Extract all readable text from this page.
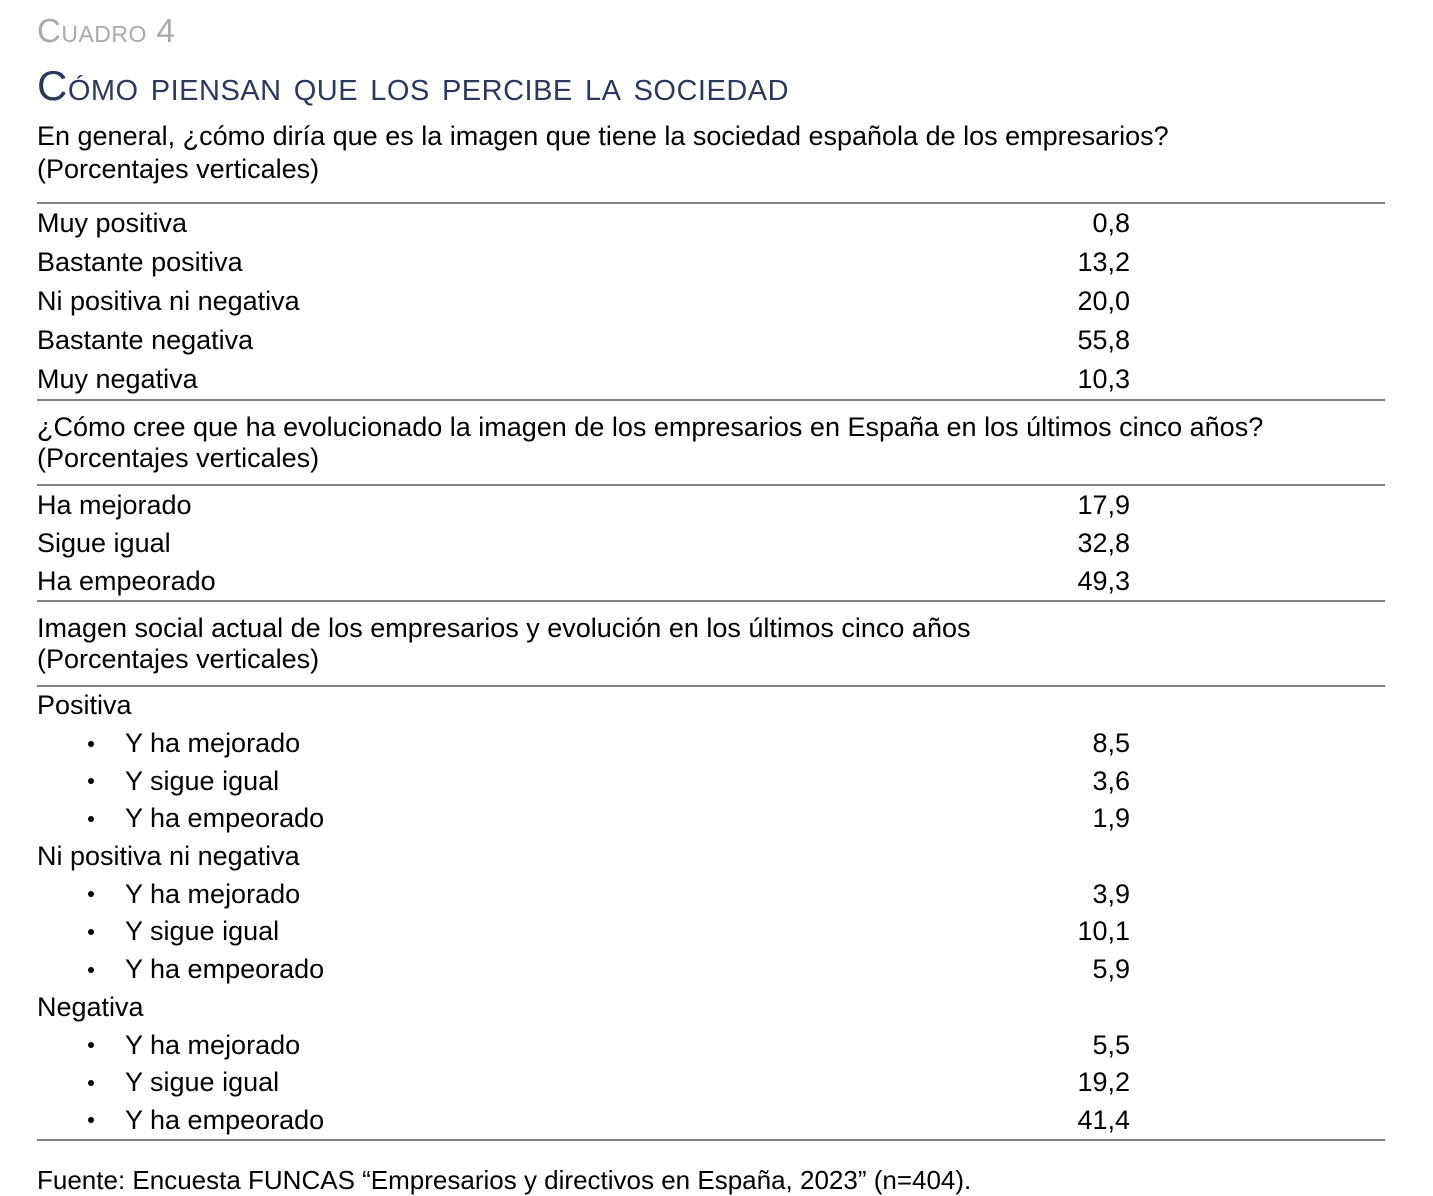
Cuadro 4
Cómo piensan que los percibe la sociedad
En general, ¿cómo diría que es la imagen que tiene la sociedad española de los empresarios?
(Porcentajes verticales)
Muy positiva	0,8
Bastante positiva	13,2
Ni positiva ni negativa	20,0
Bastante negativa	55,8
Muy negativa	10,3
¿Cómo cree que ha evolucionado la imagen de los empresarios en España en los últimos cinco años?
(Porcentajes verticales)
Ha mejorado	17,9
Sigue igual	32,8
Ha empeorado	49,3
Imagen social actual de los empresarios y evolución en los últimos cinco años
(Porcentajes verticales)
Positiva
Y ha mejorado	8,5
Y sigue igual	3,6
Y ha empeorado	1,9
Ni positiva ni negativa
Y ha mejorado	3,9
Y sigue igual	10,1
Y ha empeorado	5,9
Negativa
Y ha mejorado	5,5
Y sigue igual	19,2
Y ha empeorado	41,4
Fuente: Encuesta FUNCAS “Empresarios y directivos en España, 2023” (n=404).
